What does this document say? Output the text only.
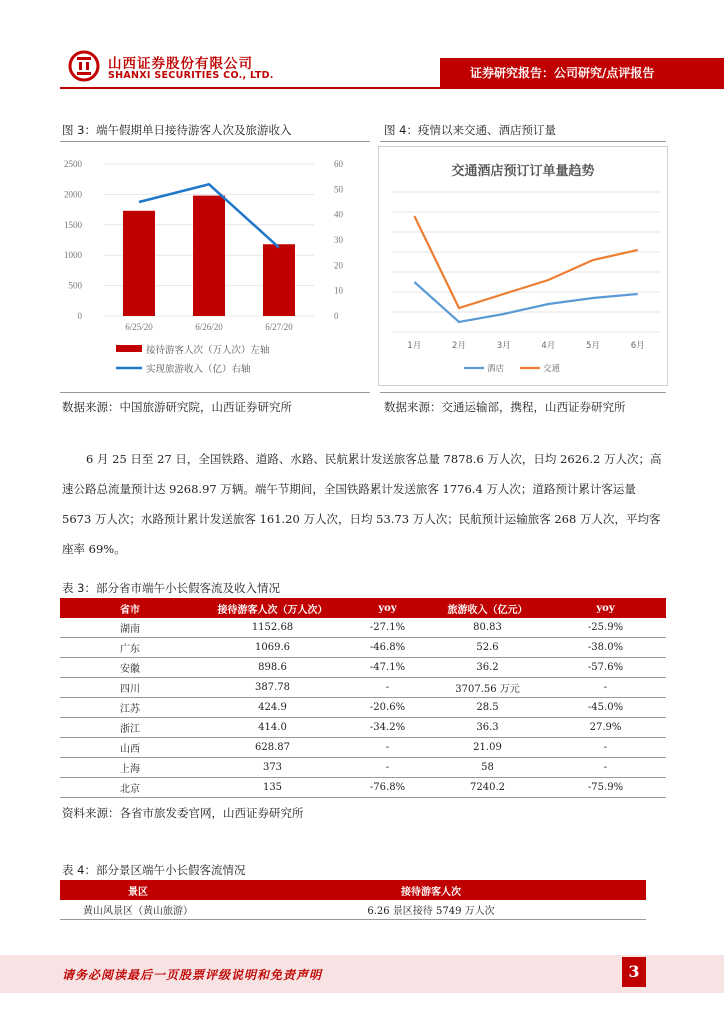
山西证券股份有限公司
SHANXI SECURITIES CO., LTD.	证券研究报告：公司研究/点评报告
图 3：端午假期单日接待游客人次及旅游收入
0
500
1000
1500
2000
2500
0
10
20
30
40
50
60
6/25/20	6/26/20	6/27/20
接待游客人次（万人次）左轴
实现旅游收入（亿）右轴
数据来源：中国旅游研究院，山西证券研究所
图 4：疫情以来交通、酒店预订量
交通酒店预订订单量趋势
1月	2月	3月	4月	5月	6月
酒店	交通
数据来源：交通运输部，携程，山西证券研究所

6 月 25 日至 27 日，全国铁路、道路、水路、民航累计发送旅客总量 7878.6 万人次，日均 2626.2 万人次；高速公路总流量预计达 9268.97 万辆。端午节期间，全国铁路累计发送旅客 1776.4 万人次；道路预计累计客运量 5673 万人次；水路预计累计发送旅客 161.20 万人次，日均 53.73 万人次；民航预计运输旅客 268 万人次，平均客座率 69%。

表 3：部分省市端午小长假客流及收入情况
省市	接待游客人次（万人次）	yoy	旅游收入（亿元）	yoy
湖南	1152.68	-27.1%	80.83	-25.9%
广东	1069.6	-46.8%	52.6	-38.0%
安徽	898.6	-47.1%	36.2	-57.6%
四川	387.78	-	3707.56 万元	-
江苏	424.9	-20.6%	28.5	-45.0%
浙江	414.0	-34.2%	36.3	27.9%
山西	628.87	-	21.09	-
上海	373	-	58	-
北京	135	-76.8%	7240.2	-75.9%
资料来源：各省市旅发委官网，山西证券研究所
表 4：部分景区端午小长假客流情况
景区	接待游客人次
黄山风景区（黄山旅游）	6.26 景区接待 5749 万人次
请务必阅读最后一页股票评级说明和免责声明	3
